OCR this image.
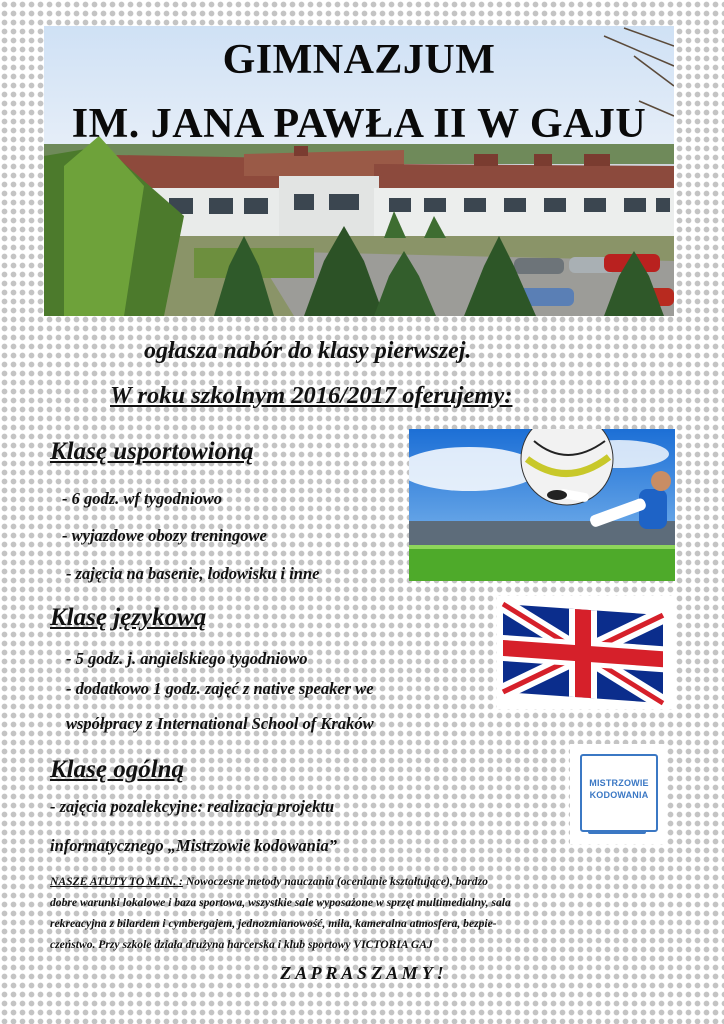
GIMNAZJUM
IM. JANA PAWŁA II W GAJU
ogłasza nabór do klasy pierwszej.
W roku szkolnym 2016/2017 oferujemy:
Klasę usportowioną
- 6 godz. wf tygodniowo
- wyjazdowe obozy treningowe
- zajęcia na basenie, lodowisku i inne
Klasę językową
- 5 godz. j. angielskiego tygodniowo
- dodatkowo 1 godz. zajęć z native speaker we
współpracy z International School of Kraków
Klasę ogólną
- zajęcia pozalekcyjne: realizacja projektu
informatycznego „Mistrzowie kodowania”
MISTRZOWIE
KODOWANIA
NASZE ATUTY TO M.IN. : Nowoczesne metody nauczania (ocenianie kształtujące), bardzo
dobre warunki lokalowe i baza sportowa, wszystkie sale wyposażone w sprzęt multimedialny, sala
rekreacyjna z bilardem i cymbergajem, jednozmianowość, miła, kameralna atmosfera, bezpie-
czeństwo. Przy szkole działa drużyna harcerska i klub sportowy VICTORIA GAJ
Z A P R A S Z A M Y !
